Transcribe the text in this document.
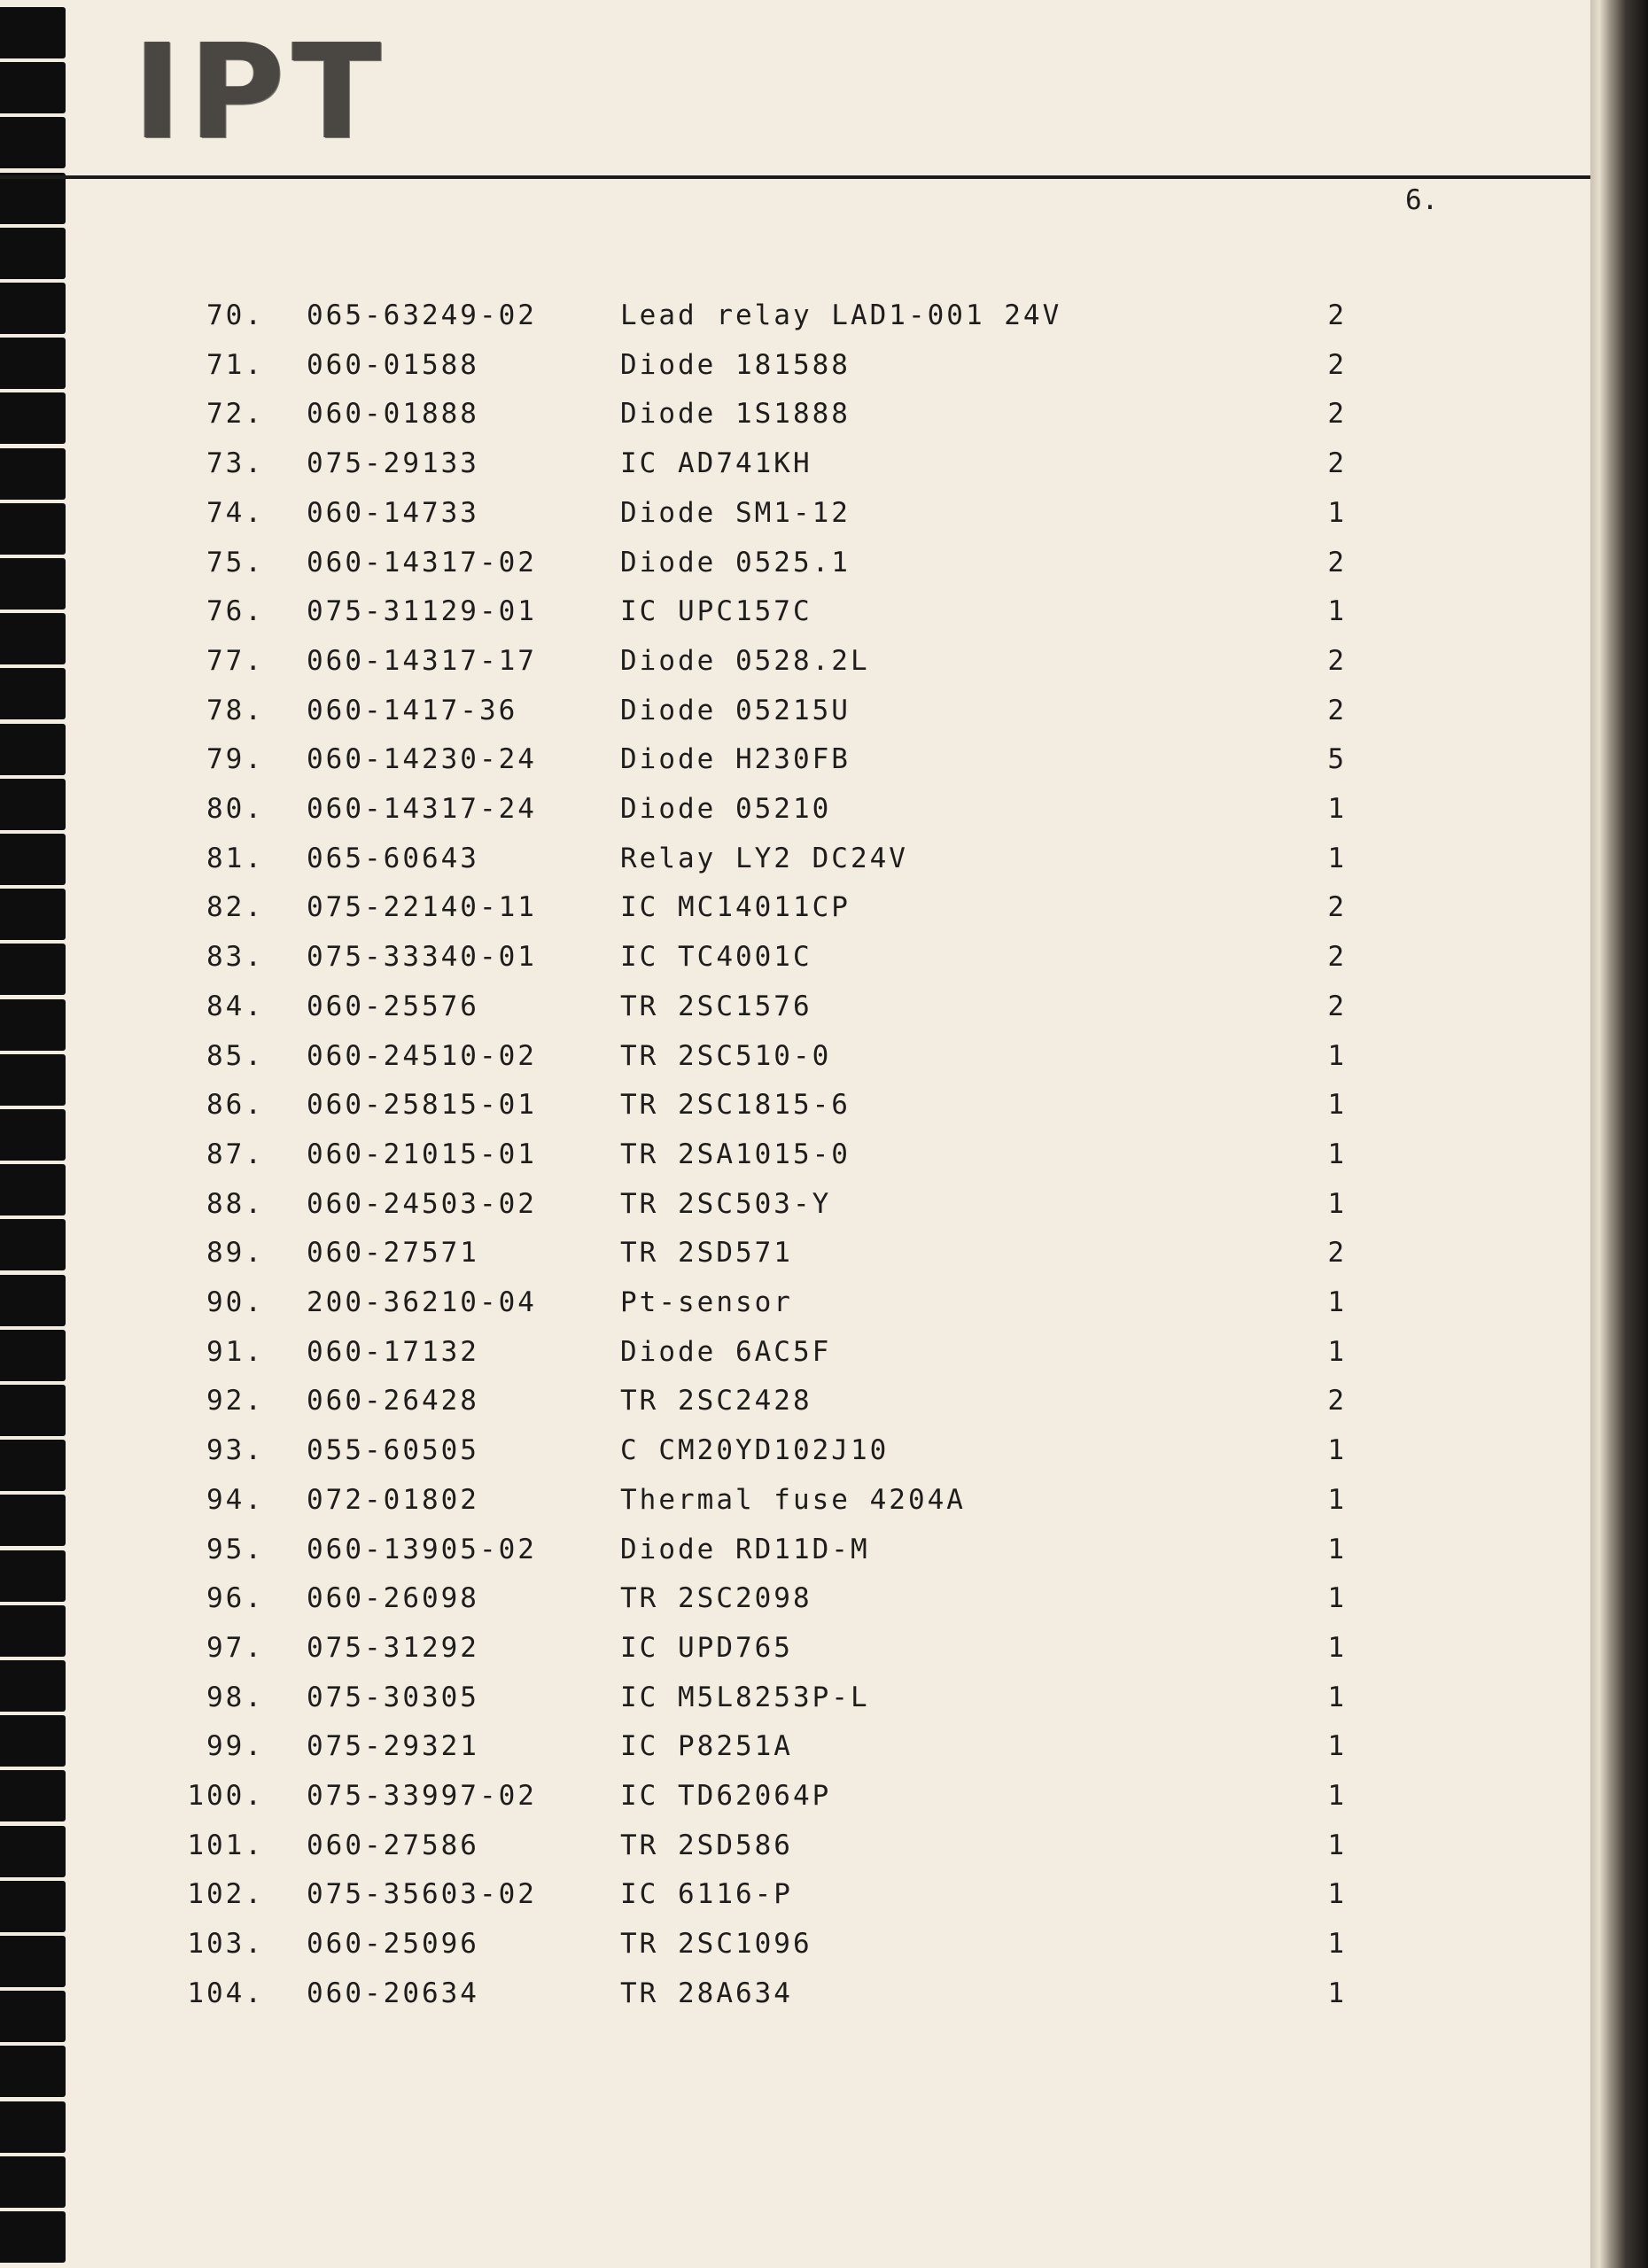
IPT
6.
70. 065-63249-02	Lead relay LAD1-001 24V	2
71. 060-01588	Diode 181588	2
72. 060-01888	Diode 1S1888	2
73. 075-29133	IC AD741KH	2
74. 060-14733	Diode SM1-12	1
75. 060-14317-02	Diode 0525.1	2
76. 075-31129-01	IC UPC157C	1
77. 060-14317-17	Diode 0528.2L	2
78. 060-1417-36	Diode 05215U	2
79. 060-14230-24	Diode H230FB	5
80. 060-14317-24	Diode 05210	1
81. 065-60643	Relay LY2 DC24V	1
82. 075-22140-11	IC MC14011CP	2
83. 075-33340-01	IC TC4001C	2
84. 060-25576	TR 2SC1576	2
85. 060-24510-02	TR 2SC510-0	1
86. 060-25815-01	TR 2SC1815-6	1
87. 060-21015-01	TR 2SA1015-0	1
88. 060-24503-02	TR 2SC503-Y	1
89. 060-27571	TR 2SD571	2
90. 200-36210-04	Pt-sensor	1
91. 060-17132	Diode 6AC5F	1
92. 060-26428	TR 2SC2428	2
93. 055-60505	C CM20YD102J10	1
94. 072-01802	Thermal fuse 4204A	1
95. 060-13905-02	Diode RD11D-M	1
96. 060-26098	TR 2SC2098	1
97. 075-31292	IC UPD765	1
98. 075-30305	IC M5L8253P-L	1
99. 075-29321	IC P8251A	1
100. 075-33997-02	IC TD62064P	1
101. 060-27586	TR 2SD586	1
102. 075-35603-02	IC 6116-P	1
103. 060-25096	TR 2SC1096	1
104. 060-20634	TR 28A634	1
